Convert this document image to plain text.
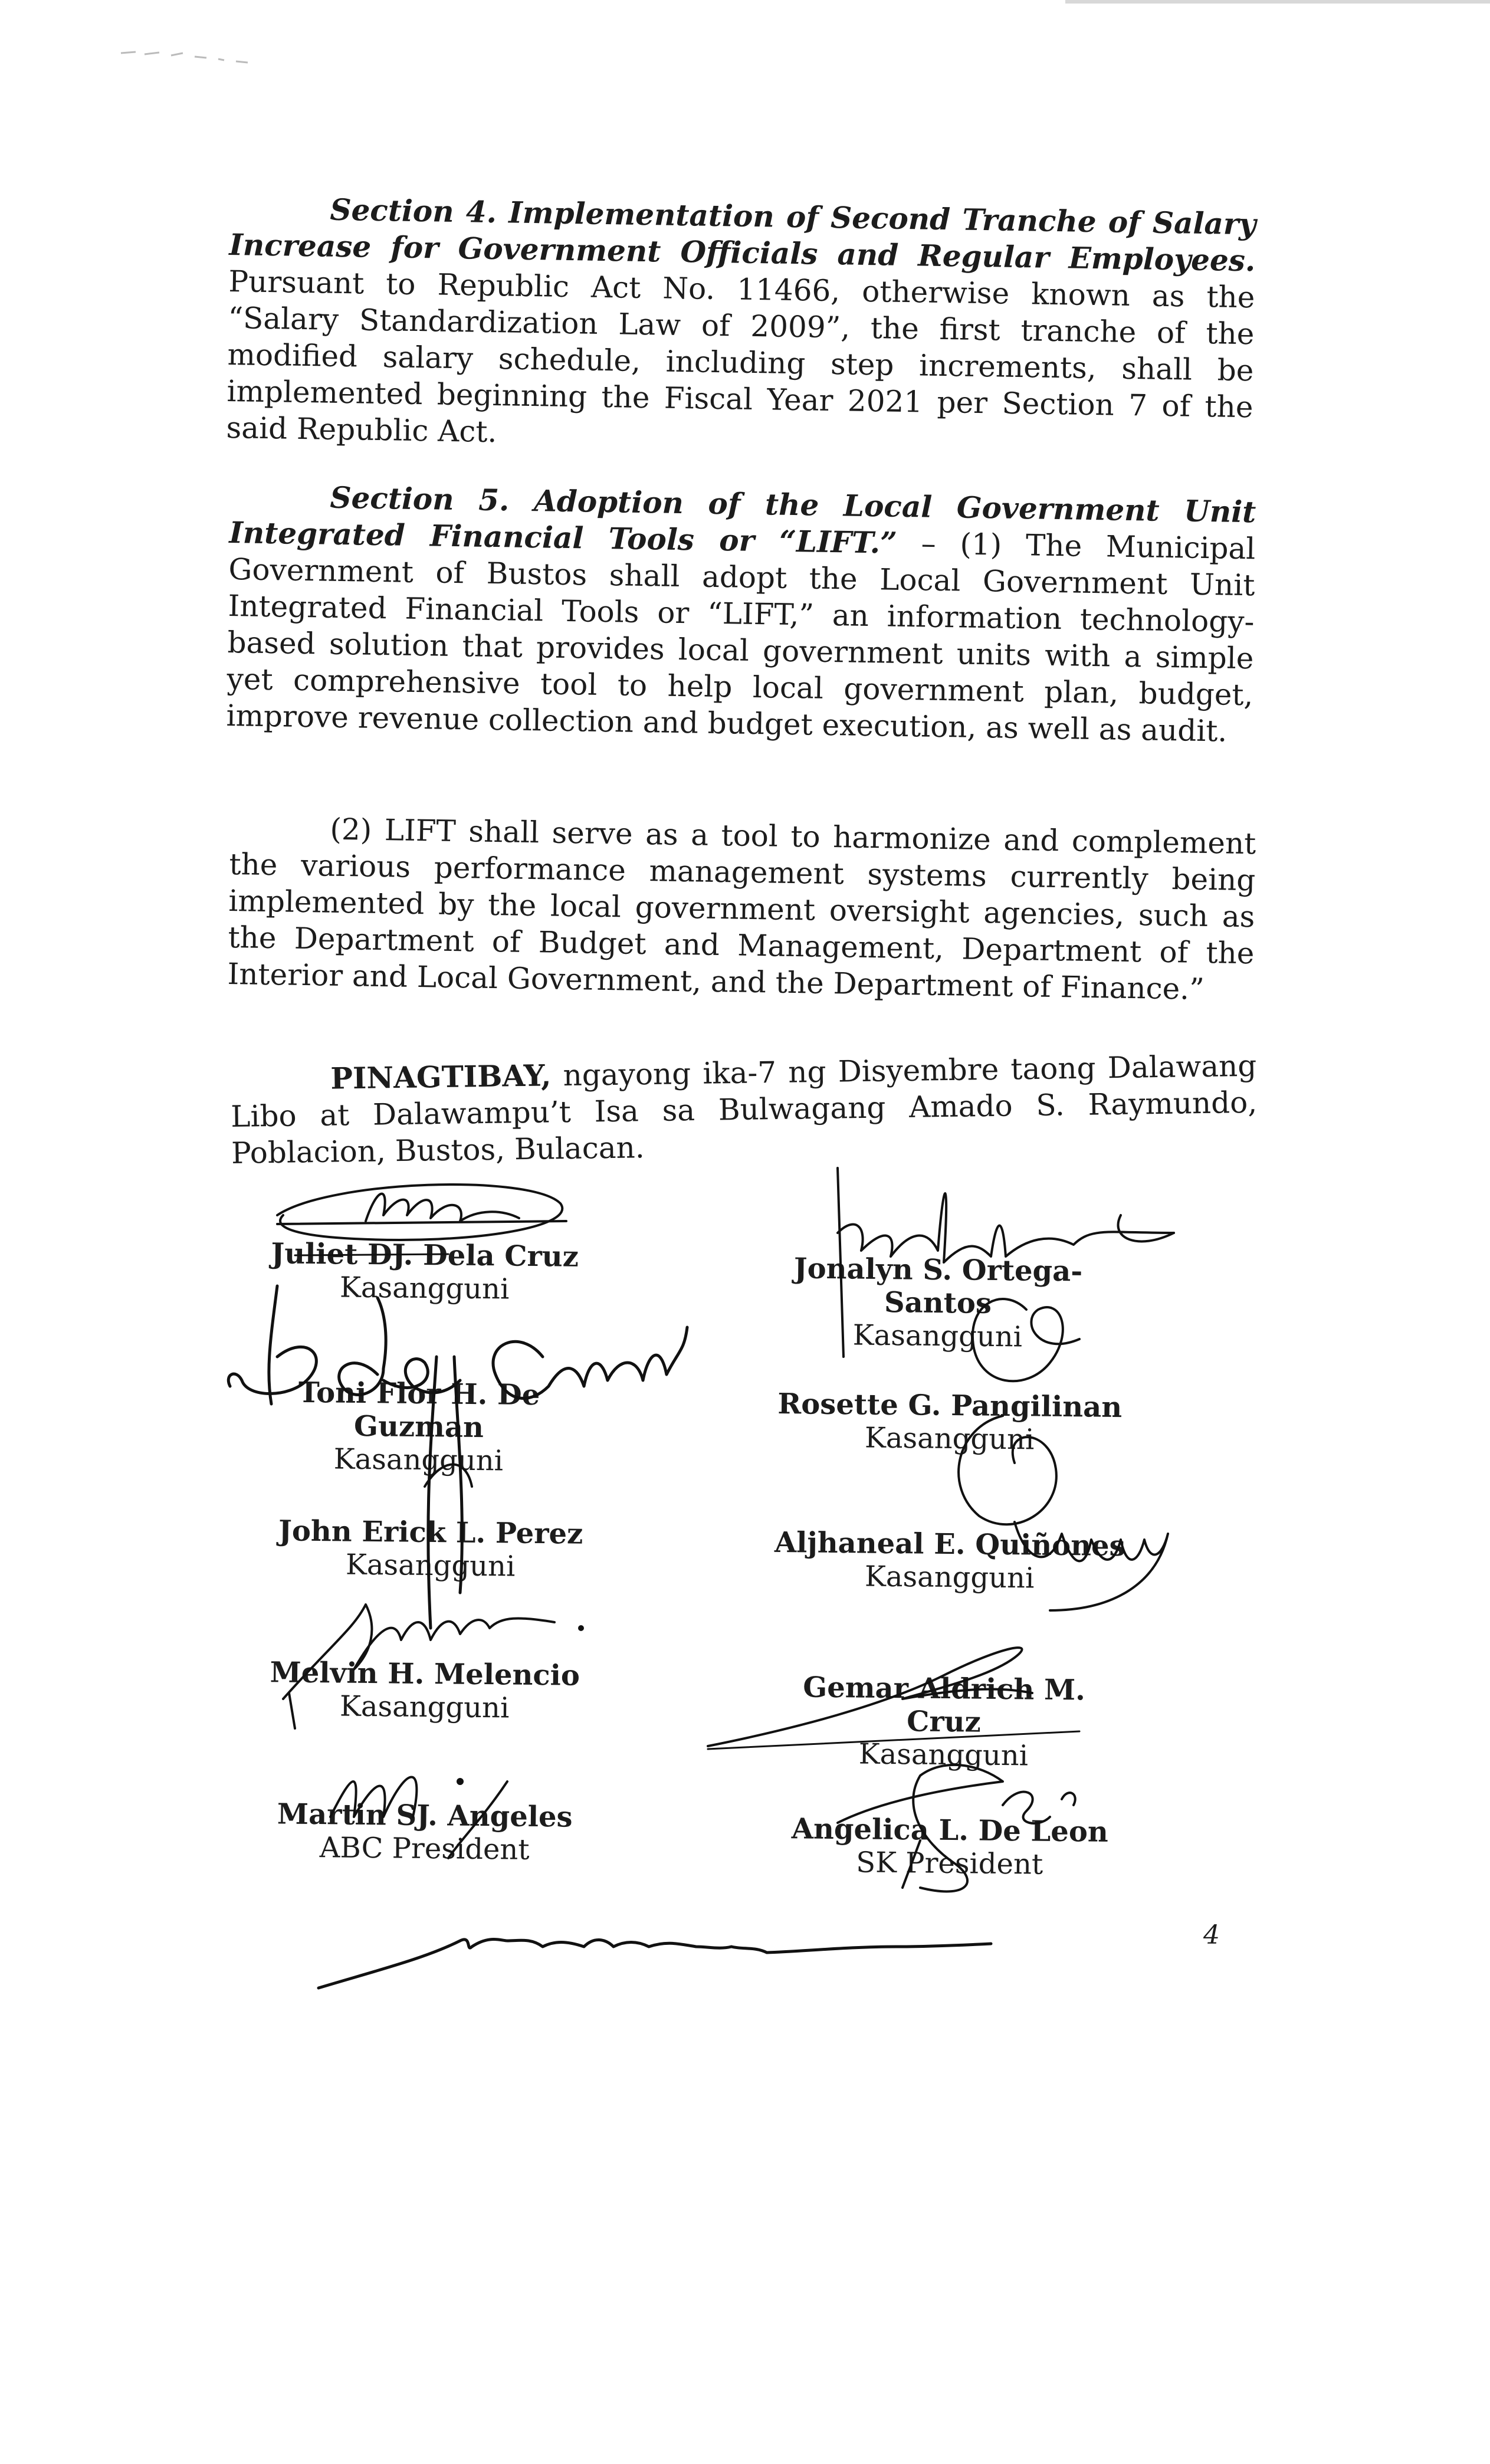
Section 4. Implementation of Second Tranche of Salary Increase for Government Officials and Regular Employees. Pursuant to Republic Act No. 11466, otherwise known as the “Salary Standardization Law of 2009”, the first tranche of the modified salary schedule, including step increments, shall be implemented beginning the Fiscal Year 2021 per Section 7 of the said Republic Act.

Section 5. Adoption of the Local Government Unit Integrated Financial Tools or “LIFT.” – (1) The Municipal Government of Bustos shall adopt the Local Government Unit Integrated Financial Tools or “LIFT,” an information technology-based solution that provides local government units with a simple yet comprehensive tool to help local government plan, budget, improve revenue collection and budget execution, as well as audit.

(2) LIFT shall serve as a tool to harmonize and complement the various performance management systems currently being implemented by the local government oversight agencies, such as the Department of Budget and Management, Department of the Interior and Local Government, and the Department of Finance.”

PINAGTIBAY, ngayong ika-7 ng Disyembre taong Dalawang Libo at Dalawampu’t Isa sa Bulwagang Amado S. Raymundo, Poblacion, Bustos, Bulacan.

Juliet DJ. Dela Cruz
Kasangguni
Jonalyn S. Ortega-Santos
Kasangguni
Toni Flor H. De Guzman
Kasangguni
Rosette G. Pangilinan
Kasangguni
John Erick L. Perez
Kasangguni
Aljhaneal E. Quiñones
Kasangguni
Melvin H. Melencio
Kasangguni
Gemar Aldrich M. Cruz
Kasangguni
Martin SJ. Angeles
ABC President
Angelica L. De Leon
SK President
4
